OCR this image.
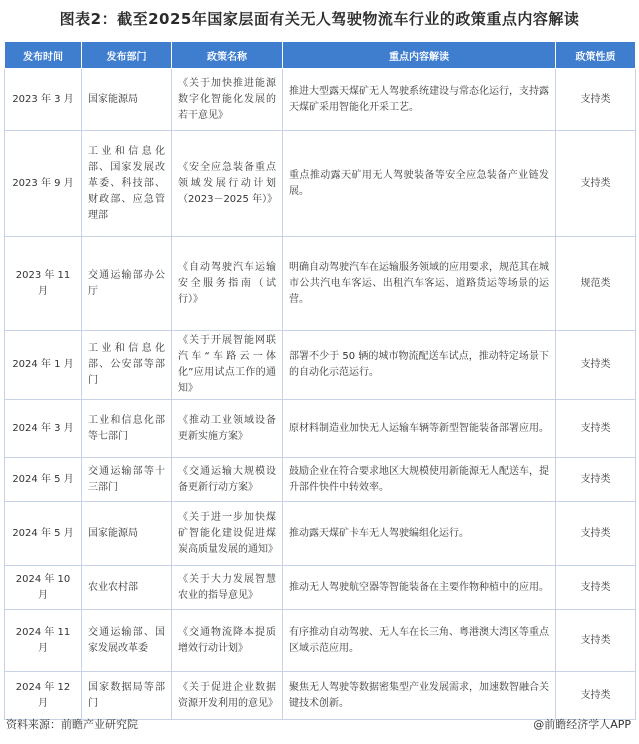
图表2：截至2025年国家层面有关无人驾驶物流车行业的政策重点内容解读
发布时间	发布部门	政策名称	重点内容解读	政策性质
2023 年 3 月	国家能源局	《关于加快推进能源数字化智能化发展的若干意见》	推进大型露天煤矿无人驾驶系统建设与常态化运行，支持露天煤矿采用智能化开采工艺。	支持类
2023 年 9 月	工业和信息化部、国家发展改革委、科技部、财政部、应急管理部	《安全应急装备重点领域发展行动计划（2023－2025 年）》	重点推动露天矿用无人驾驶装备等安全应急装备产业链发展。	支持类
2023 年 11 月	交通运输部办公厅	《自动驾驶汽车运输安全服务指南（试行）》	明确自动驾驶汽车在运输服务领域的应用要求，规范其在城市公共汽电车客运、出租汽车客运、道路货运等场景的运营。	规范类
2024 年 1 月	工业和信息化部、公安部等部门	《关于开展智能网联汽车“车路云一体化”应用试点工作的通知》	部署不少于 50 辆的城市物流配送车试点，推动特定场景下的自动化示范运行。	支持类
2024 年 3 月	工业和信息化部等七部门	《推动工业领域设备更新实施方案》	原材料制造业加快无人运输车辆等新型智能装备部署应用。	支持类
2024 年 5 月	交通运输部等十三部门	《交通运输大规模设备更新行动方案》	鼓励企业在符合要求地区大规模使用新能源无人配送车，提升部件快件中转效率。	支持类
2024 年 5 月	国家能源局	《关于进一步加快煤矿智能化建设促进煤炭高质量发展的通知》	推动露天煤矿卡车无人驾驶编组化运行。	支持类
2024 年 10 月	农业农村部	《关于大力发展智慧农业的指导意见》	推动无人驾驶航空器等智能装备在主要作物种植中的应用。	支持类
2024 年 11 月	交通运输部、国家发展改革委	《交通物流降本提质增效行动计划》	有序推动自动驾驶、无人车在长三角、粤港澳大湾区等重点区域示范应用。	支持类
2024 年 12 月	国家数据局等部门	《关于促进企业数据资源开发利用的意见》	聚焦无人驾驶等数据密集型产业发展需求，加速数智融合关键技术创新。	支持类
资料来源：前瞻产业研究院	@前瞻经济学人APP
